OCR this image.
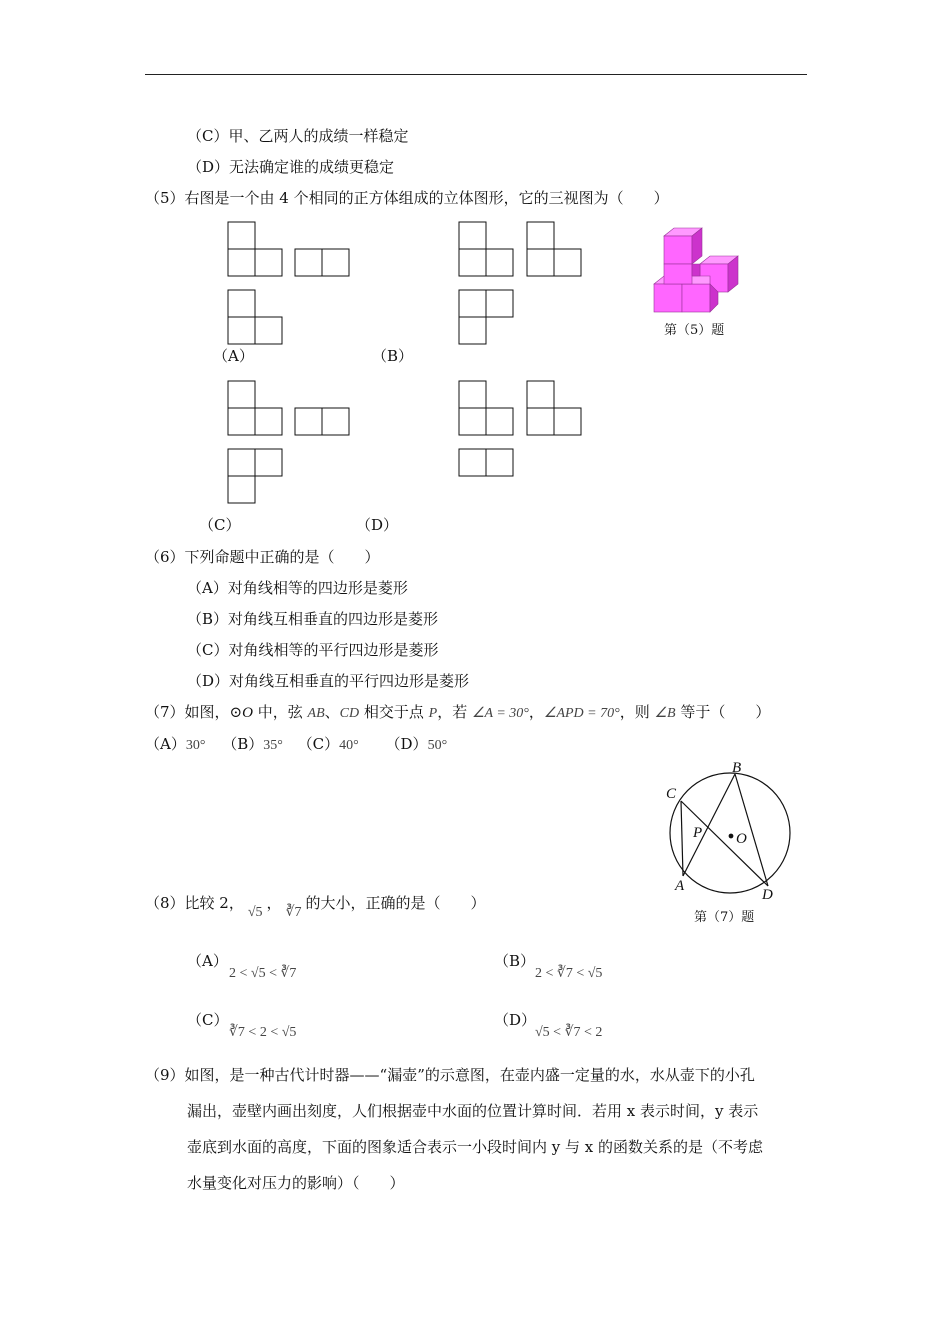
（C）甲、乙两人的成绩一样稳定
（D）无法确定谁的成绩更稳定
（5）右图是一个由 4 个相同的正方体组成的立体图形，它的三视图为（　　）
（A）	（B）
（C）	（D）
第（5）题
（6）下列命题中正确的是（　　）
（A）对角线相等的四边形是菱形
（B）对角线互相垂直的四边形是菱形
（C）对角线相等的平行四边形是菱形
（D）对角线互相垂直的平行四边形是菱形
（7）如图，⊙O 中，弦 AB、CD 相交于点 P，若 ∠A = 30°，∠APD = 70°，则 ∠B 等于（　　）
（A）30° （B）35° （C）40° （D）50°
B
C
P O
A
D
第（7）题
（8）比较 2，√5，∛7的大小，正确的是（　　）
（A）
2 < √5 < ∛7
（B）
2 < ∛7 < √5
（C）
∛7 < 2 < √5
（D）
√5 < ∛7 < 2
（9）如图，是一种古代计时器——“漏壶”的示意图，在壶内盛一定量的水，水从壶下的小孔
漏出，壶壁内画出刻度，人们根据壶中水面的位置计算时间．若用 x 表示时间，y 表示
壶底到水面的高度，下面的图象适合表示一小段时间内 y 与 x 的函数关系的是（不考虑
水量变化对压力的影响）（　　）
